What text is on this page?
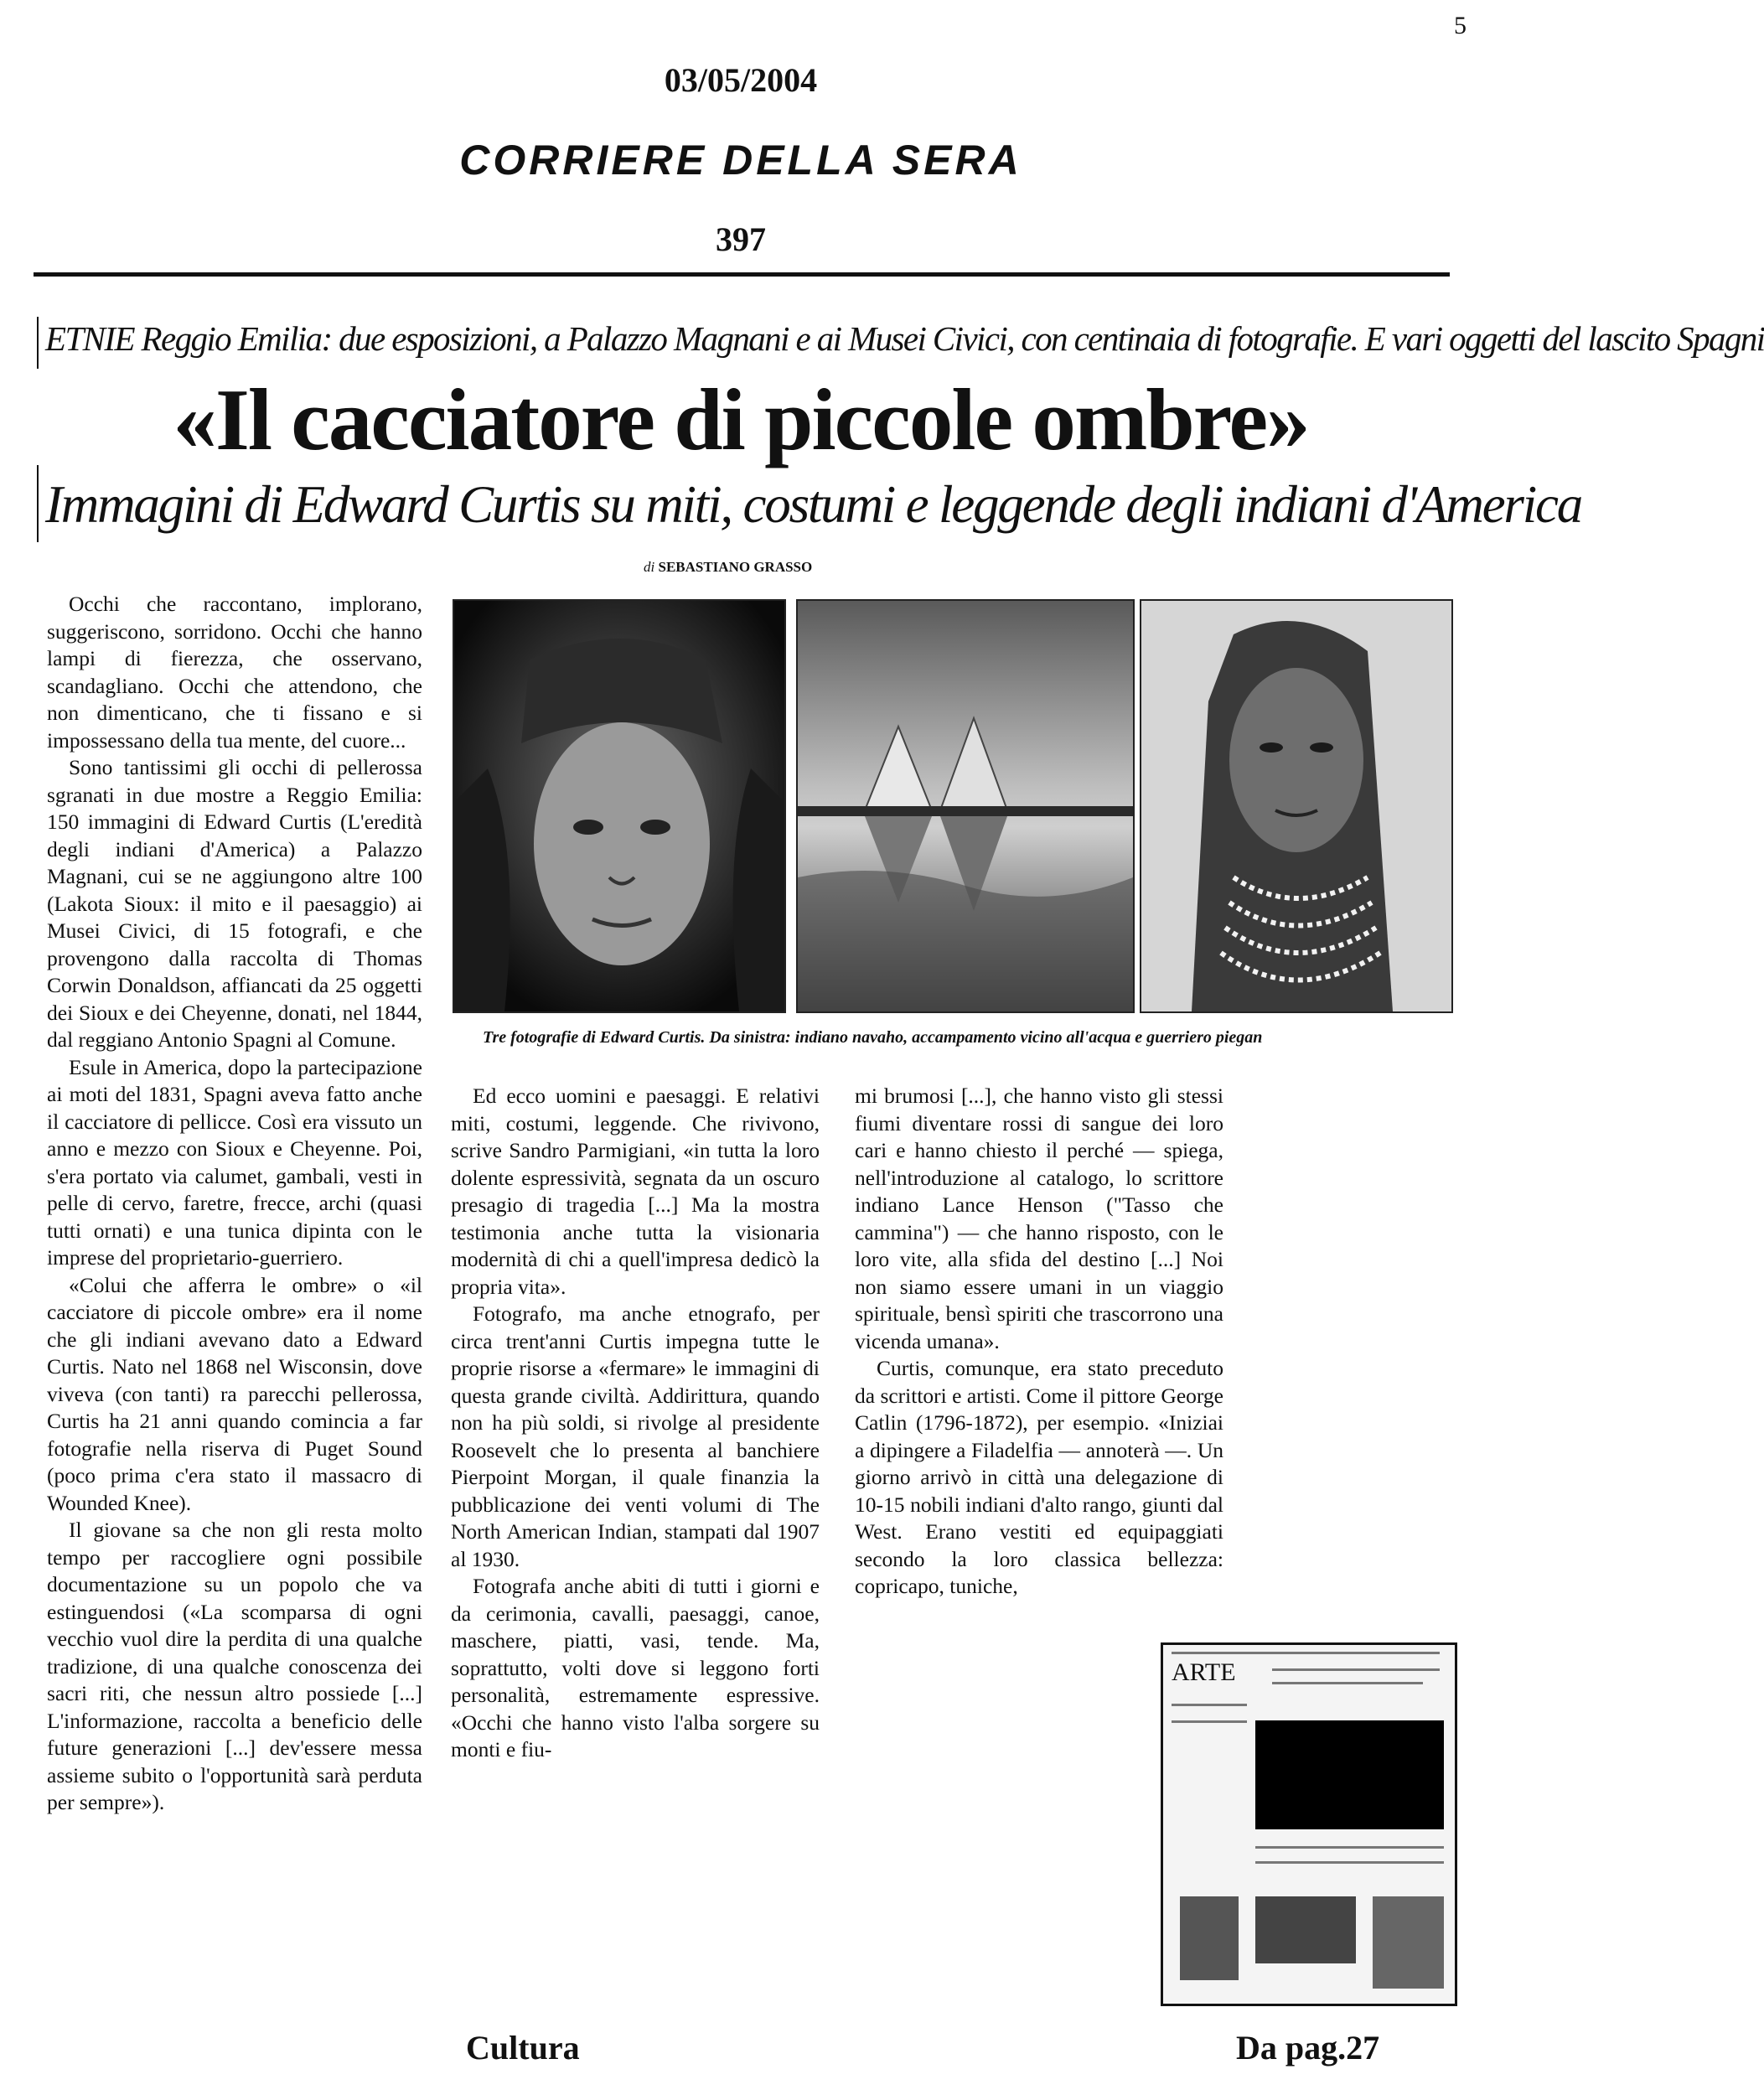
5
03/05/2004
CORRIERE DELLA SERA
397
ETNIE Reggio Emilia: due esposizioni, a Palazzo Magnani e ai Musei Civici, con centinaia di fotografie. E vari oggetti del lascito Spagni
«Il cacciatore di piccole ombre»
Immagini di Edward Curtis su miti, costumi e leggende degli indiani d'America
di SEBASTIANO GRASSO
Tre fotografie di Edward Curtis. Da sinistra: indiano navaho, accampamento vicino all'acqua e guerriero piegan

Occhi che raccontano, implorano, suggeriscono, sorridono. Occhi che hanno lampi di fierezza, che osservano, scandagliano. Occhi che attendono, che non dimenticano, che ti fissano e si impossessano della tua mente, del cuore...

Sono tantissimi gli occhi di pellerossa sgranati in due mostre a Reggio Emilia: 150 immagini di Edward Curtis (L'eredità degli indiani d'America) a Palazzo Magnani, cui se ne aggiungono altre 100 (Lakota Sioux: il mito e il paesaggio) ai Musei Civici, di 15 fotografi, e che provengono dalla raccolta di Thomas Corwin Donaldson, affiancati da 25 oggetti dei Sioux e dei Cheyenne, donati, nel 1844, dal reggiano Antonio Spagni al Comune.

Esule in America, dopo la partecipazione ai moti del 1831, Spagni aveva fatto anche il cacciatore di pellicce. Così era vissuto un anno e mezzo con Sioux e Cheyenne. Poi, s'era portato via calumet, gambali, vesti in pelle di cervo, faretre, frecce, archi (quasi tutti ornati) e una tunica dipinta con le imprese del proprietario-guerriero.

«Colui che afferra le ombre» o «il cacciatore di piccole ombre» era il nome che gli indiani avevano dato a Edward Curtis. Nato nel 1868 nel Wisconsin, dove viveva (con tanti) ra parecchi pellerossa, Curtis ha 21 anni quando comincia a far fotografie nella riserva di Puget Sound (poco prima c'era stato il massacro di Wounded Knee).

Il giovane sa che non gli resta molto tempo per raccogliere ogni possibile documentazione su un popolo che va estinguendosi («La scomparsa di ogni vecchio vuol dire la perdita di una qualche tradizione, di una qualche conoscenza dei sacri riti, che nessun altro possiede [...] L'informazione, raccolta a beneficio delle future generazioni [...] dev'essere messa assieme subito o l'opportunità sarà perduta per sempre»).

Ed ecco uomini e paesaggi. E relativi miti, costumi, leggende. Che rivivono, scrive Sandro Parmigiani, «in tutta la loro dolente espressività, segnata da un oscuro presagio di tragedia [...] Ma la mostra testimonia anche tutta la visionaria modernità di chi a quell'impresa dedicò la propria vita».

Fotografo, ma anche etnografo, per circa trent'anni Curtis impegna tutte le proprie risorse a «fermare» le immagini di questa grande civiltà. Addirittura, quando non ha più soldi, si rivolge al presidente Roosevelt che lo presenta al banchiere Pierpoint Morgan, il quale finanzia la pubblicazione dei venti volumi di The North American Indian, stampati dal 1907 al 1930.

Fotografa anche abiti di tutti i giorni e da cerimonia, cavalli, paesaggi, canoe, maschere, piatti, vasi, tende. Ma, soprattutto, volti dove si leggono forti personalità, estremamente espressive. «Occhi che hanno visto l'alba sorgere su monti e fiu-

mi brumosi [...], che hanno visto gli stessi fiumi diventare rossi di sangue dei loro cari e hanno chiesto il perché — spiega, nell'introduzione al catalogo, lo scrittore indiano Lance Henson ("Tasso che cammina") — che hanno risposto, con le loro vite, alla sfida del destino [...] Noi non siamo essere umani in un viaggio spirituale, bensì spiriti che trascorrono una vicenda umana».

Curtis, comunque, era stato preceduto da scrittori e artisti. Come il pittore George Catlin (1796-1872), per esempio. «Iniziai a dipingere a Filadelfia — annoterà —. Un giorno arrivò in città una delegazione di 10-15 nobili indiani d'alto rango, giunti dal West. Erano vestiti ed equipaggiati secondo la loro classica bellezza: copricapo, tuniche,

ARTE
Cultura	Da pag.27
